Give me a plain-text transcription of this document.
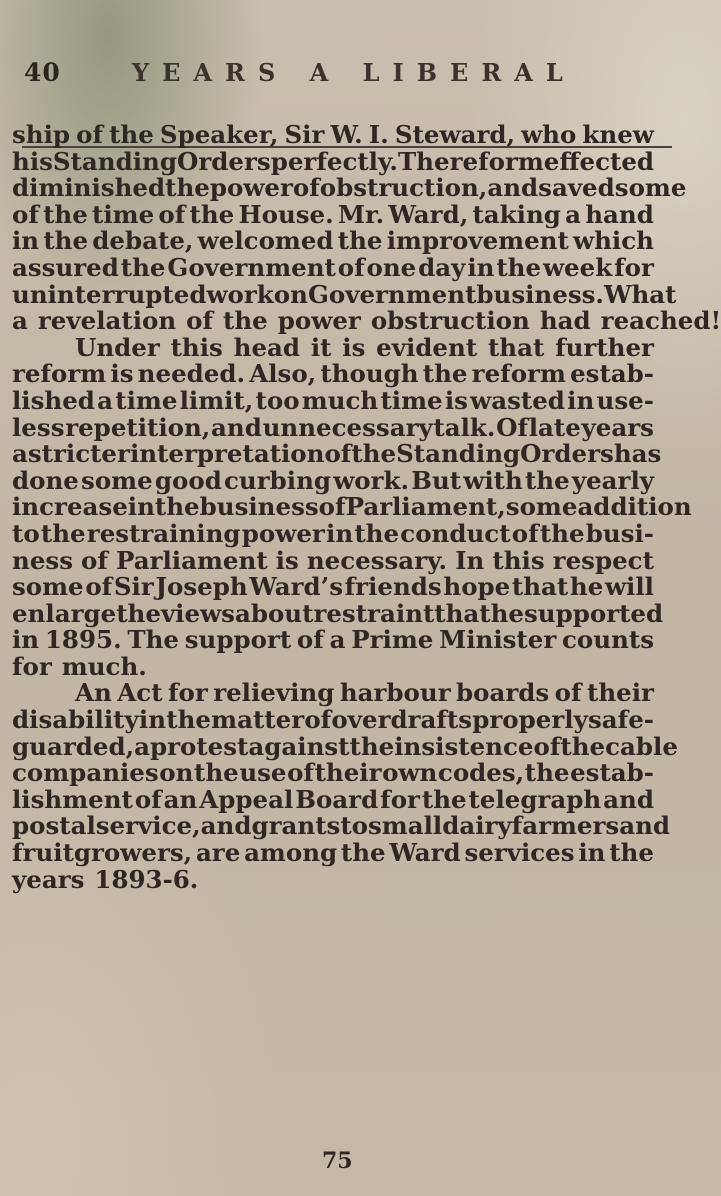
40	YEARS A LIBERAL
ship of the Speaker, Sir W. I. Steward, who knew
his Standing Orders perfectly. The reform effected
diminished the power of obstruction, and saved some
of the time of the House. Mr. Ward, taking a hand
in the debate, welcomed the improvement which
assured the Government of one day in the week for
uninterrupted work on Government business. What
a revelation of the power obstruction had reached!
Under this head it is evident that further
reform is needed. Also, though the reform estab-
lished a time limit, too much time is wasted in use-
less repetition, and unnecessary talk. Of late years
a stricter interpretation of the Standing Orders has
done some good curbing work. But with the yearly
increase in the business of Parliament, some addition
to the restraining power in the conduct of the busi-
ness of Parliament is necessary. In this respect
some of Sir Joseph Ward’s friends hope that he will
enlarge the views about restraint that he supported
in 1895. The support of a Prime Minister counts
for much.
An Act for relieving harbour boards of their
disability in the matter of overdrafts properly safe-
guarded, a protest against the insistence of the cable
companies on the use of their own codes, the estab-
lishment of an Appeal Board for the telegraph and
postal service, and grants to small dairy farmers and
fruitgrowers, are among the Ward services in the
years 1893-6.
75
